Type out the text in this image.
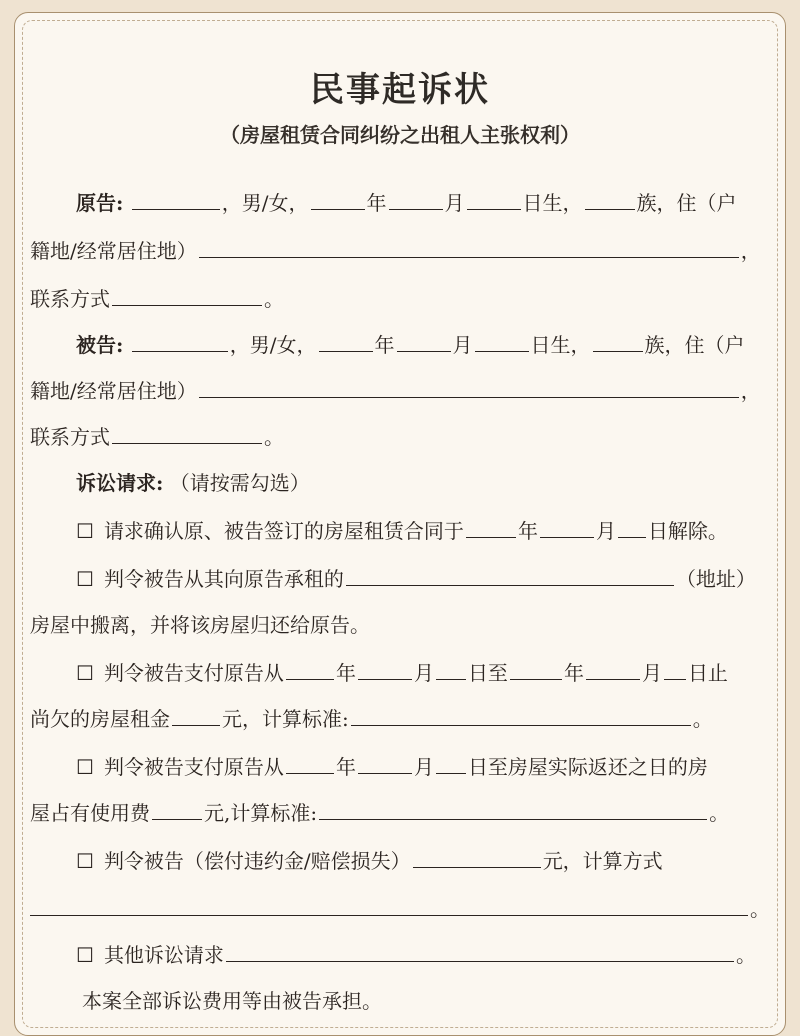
民事起诉状
（房屋租赁合同纠纷之出租人主张权利）
原告:	，男/女，	年	月	日生，	族，住（户
籍地/经常居住地）	，
联系方式	。
被告:	，男/女，	年	月	日生，	族，住（户
籍地/经常居住地）	，
联系方式	。
诉讼请求: （请按需勾选）
☐ 请求确认原、被告签订的房屋租赁合同于	年	月 日解除。
☐ 判令被告从其向原告承租的	（地址）
房屋中搬离，并将该房屋归还给原告。
☐ 判令被告支付原告从	年	月 日至	年	月 日止
尚欠的房屋租金	元，计算标准:	。
☐ 判令被告支付原告从	年	月 日至房屋实际返还之日的房
屋占有使用费	元,计算标准:	。
☐ 判令被告（偿付违约金/赔偿损失）	元，计算方式
。
☐ 其他诉讼请求	。
本案全部诉讼费用等由被告承担。
